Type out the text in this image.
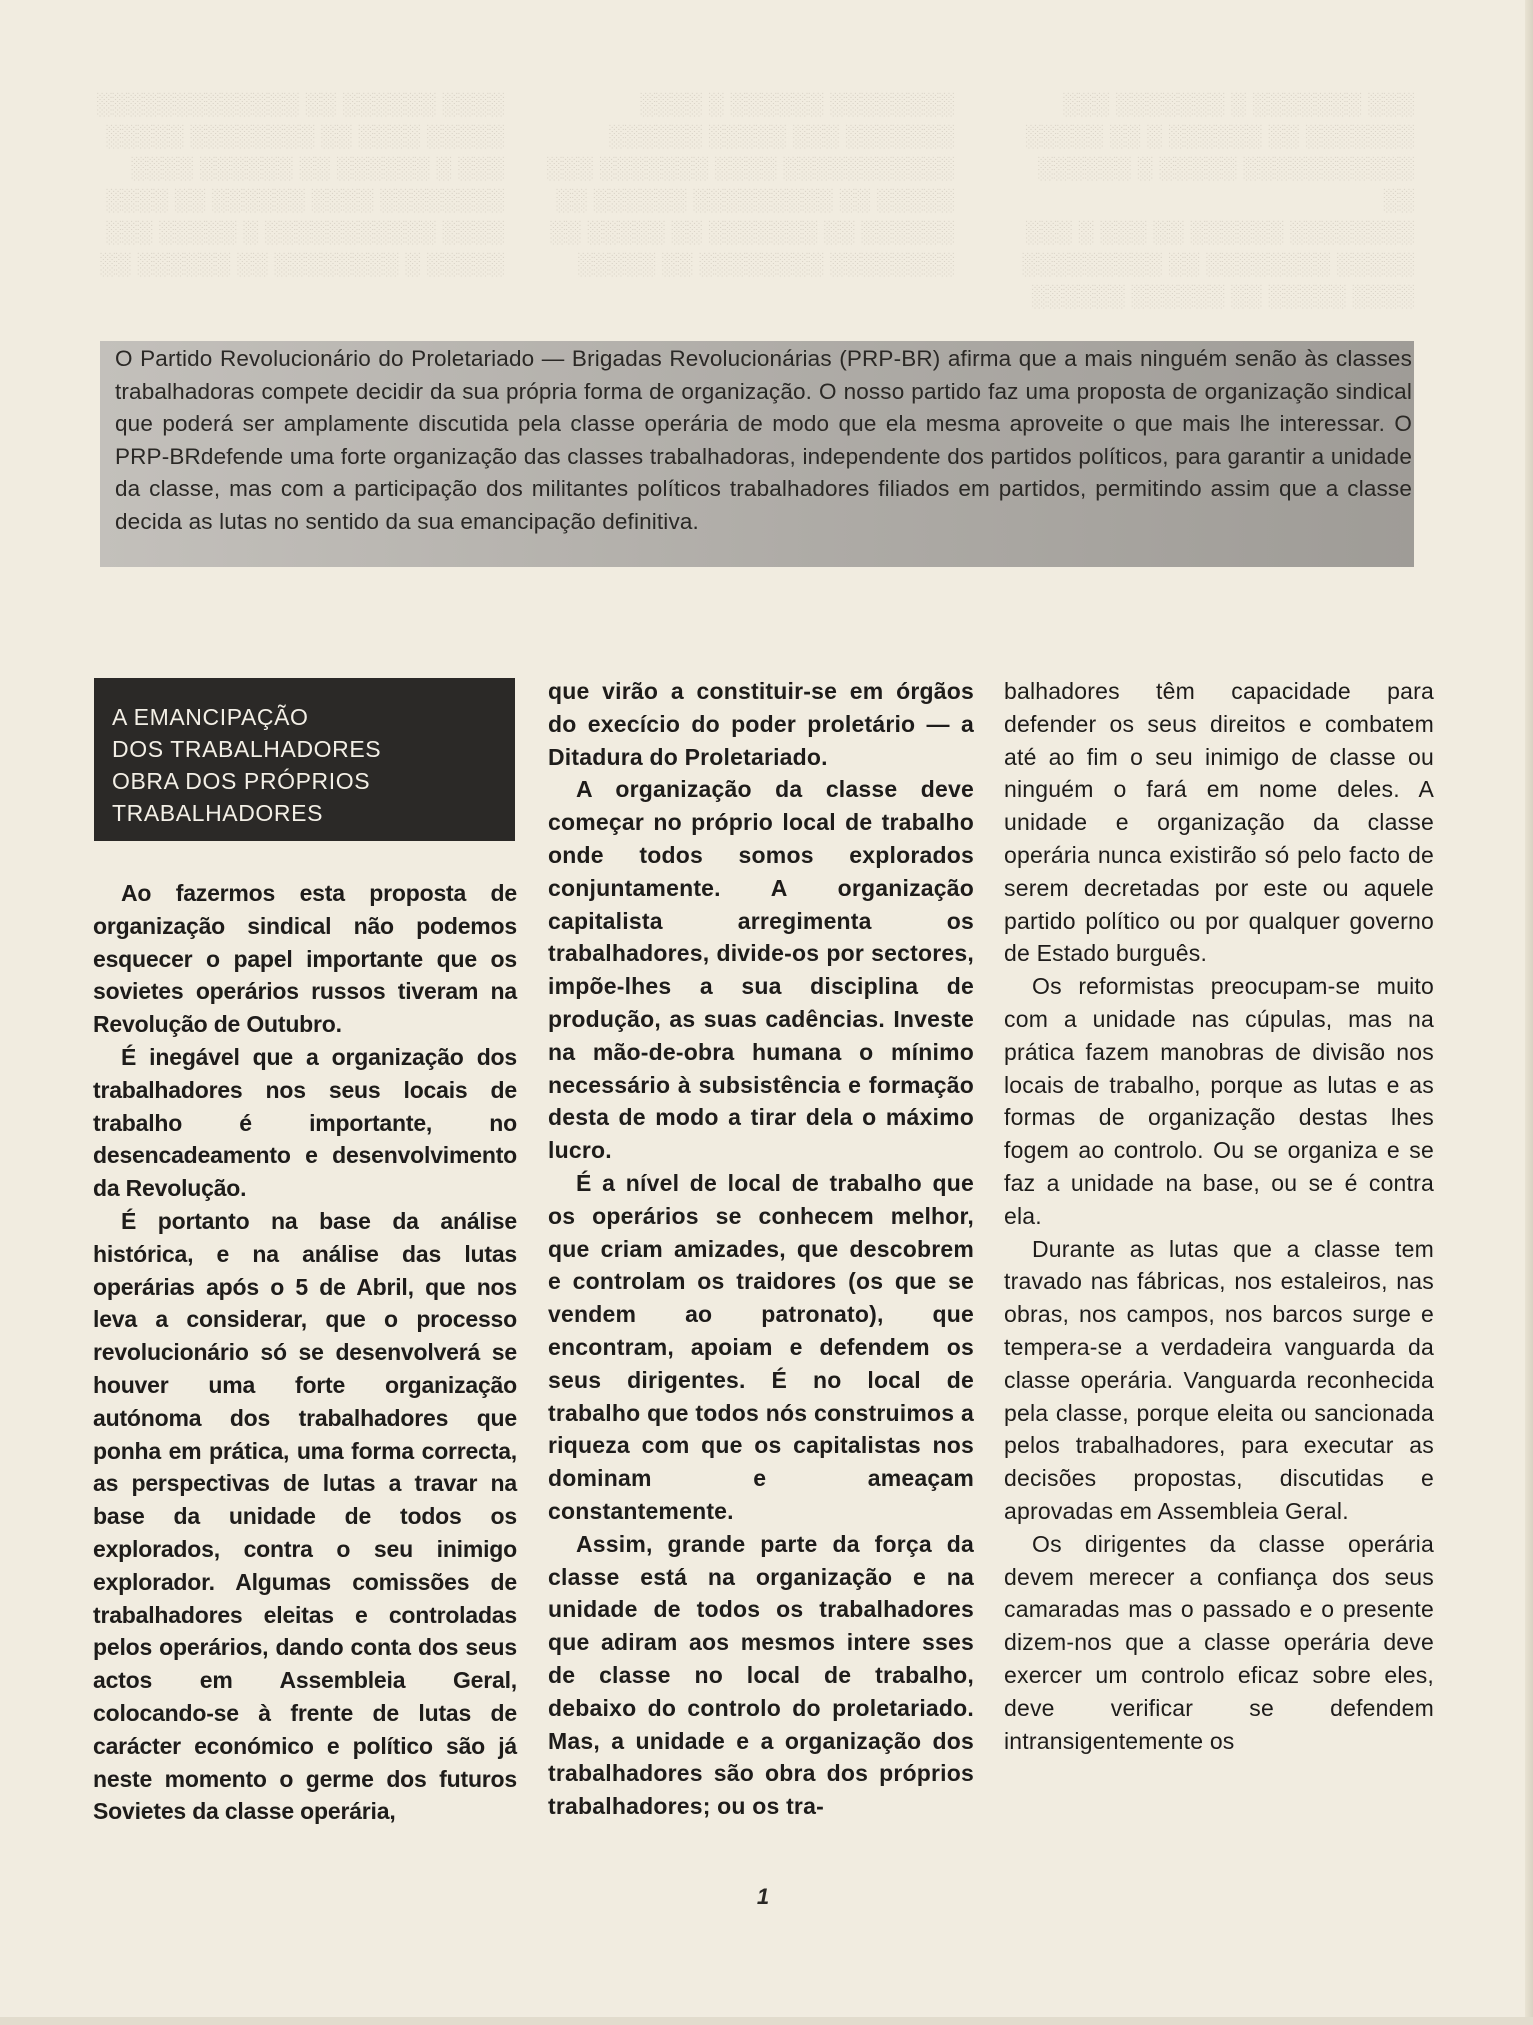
░░░░ ░░░░░░ ░░ ░░░░░░░░░░░░░
░░░░░ ░░░░ ░░ ░░░░░░░░ ░░░░░
░░░ ░ ░░░░░░ ░░ ░░░░░░ ░░░░
░░░░░░░░ ░░░░ ░░░░░░ ░░ ░░░░
░░░░ ░░░░░░░░░░░ ░ ░░░░░ ░░░
░░░░░ ░ ░░░░░░░░ ░░ ░░░░░░ ░░
░░░░░░░░ ░░░░░░ ░ ░░░░
░░░░░░░ ░░░ ░░░░░ ░░░░░░
░░░░░░░░░░░ ░░░░ ░░░░░░░ ░░░
░░░░░ ░░ ░░░░░░░░░ ░░░░░░ ░░
░░░░░░ ░░ ░░░░░░░ ░░ ░░░░░ ░░
░░░░░░░░ ░░░░░░░░ ░░ ░░░░░
░░░ ░░░░░░░ ░ ░░░░░░░ ░░░
░░░░░░░ ░░ ░░░░░░ ░ ░░ ░░░░░
░░░░░░░░░░░ ░░░░░ ░ ░░░░░░ ░░
░░░░░░░░ ░░░░░░ ░░ ░░░ ░ ░░░
░░░░░ ░░░░░░░░ ░░ ░░░░░░░░░
░░░░ ░░░░░ ░░ ░░░░░░ ░░░░░░
O Partido Revolucionário do Proletariado — Brigadas Revolucionárias (PRP-BR) afirma que a mais ninguém senão às classes trabalhadoras compete decidir da sua própria forma de organização. O nosso partido faz uma proposta de organização sindical que poderá ser amplamente discutida pela classe operária de modo que ela mesma aproveite o que mais lhe interessar. O PRP-BRdefende uma forte organização das classes trabalhadoras, independente dos partidos políticos, para garantir a unidade da classe, mas com a participação dos militantes políticos trabalhadores filiados em partidos, permitindo assim que a classe decida as lutas no sentido da sua emancipação definitiva.
A EMANCIPAÇÃO
DOS TRABALHADORES
OBRA DOS PRÓPRIOS
TRABALHADORES

Ao fazermos esta proposta de organização sindical não podemos esquecer o papel importante que os sovietes operários russos tiveram na Revolução de Outubro.

É inegável que a organização dos trabalhadores nos seus locais de trabalho é importante, no desencadeamento e desenvolvimento da Revolução.

É portanto na base da análise histórica, e na análise das lutas operárias após o 5 de Abril, que nos leva a considerar, que o processo revolucionário só se desenvolverá se houver uma forte organização autónoma dos trabalhadores que ponha em prática, uma forma correcta, as perspectivas de lutas a travar na base da unidade de todos os explorados, contra o seu inimigo explorador. Algumas comissões de trabalhadores eleitas e controladas pelos operários, dando conta dos seus actos em Assembleia Geral, colocando-se à frente de lutas de carácter económico e político são já neste momento o germe dos futuros Sovietes da classe operária,

que virão a constituir-se em órgãos do execício do poder proletário — a Ditadura do Proletariado.

A organização da classe deve começar no próprio local de trabalho onde todos somos explorados conjuntamente. A organização capitalista arregimenta os trabalhadores, divide-os por sectores, impõe-lhes a sua disciplina de produção, as suas cadências. Investe na mão-de-obra humana o mínimo necessário à subsistência e formação desta de modo a tirar dela o máximo lucro.

É a nível de local de trabalho que os operários se conhecem melhor, que criam amizades, que descobrem e controlam os traidores (os que se vendem ao patronato), que encontram, apoiam e defendem os seus dirigentes. É no local de trabalho que todos nós construimos a riqueza com que os capitalistas nos dominam e ameaçam constantemente.

Assim, grande parte da força da classe está na organização e na unidade de todos os trabalhadores que adiram aos mesmos intere sses de classe no local de trabalho, debaixo do controlo do proletariado. Mas, a unidade e a organização dos trabalhadores são obra dos próprios trabalhadores; ou os tra-

balhadores têm capacidade para defender os seus direitos e combatem até ao fim o seu inimigo de classe ou ninguém o fará em nome deles. A unidade e organização da classe operária nunca existirão só pelo facto de serem decretadas por este ou aquele partido político ou por qualquer governo de Estado burguês.

Os reformistas preocupam-se muito com a unidade nas cúpulas, mas na prática fazem manobras de divisão nos locais de trabalho, porque as lutas e as formas de organização destas lhes fogem ao controlo. Ou se organiza e se faz a unidade na base, ou se é contra ela.

Durante as lutas que a classe tem travado nas fábricas, nos estaleiros, nas obras, nos campos, nos barcos surge e tempera-se a verdadeira vanguarda da classe operária. Vanguarda reconhecida pela classe, porque eleita ou sancionada pelos trabalhadores, para executar as decisões propostas, discutidas e aprovadas em Assembleia Geral.

Os dirigentes da classe operária devem merecer a confiança dos seus camaradas mas o passado e o presente dizem-nos que a classe operária deve exercer um controlo eficaz sobre eles, deve verificar se defendem intransigentemente os

1
